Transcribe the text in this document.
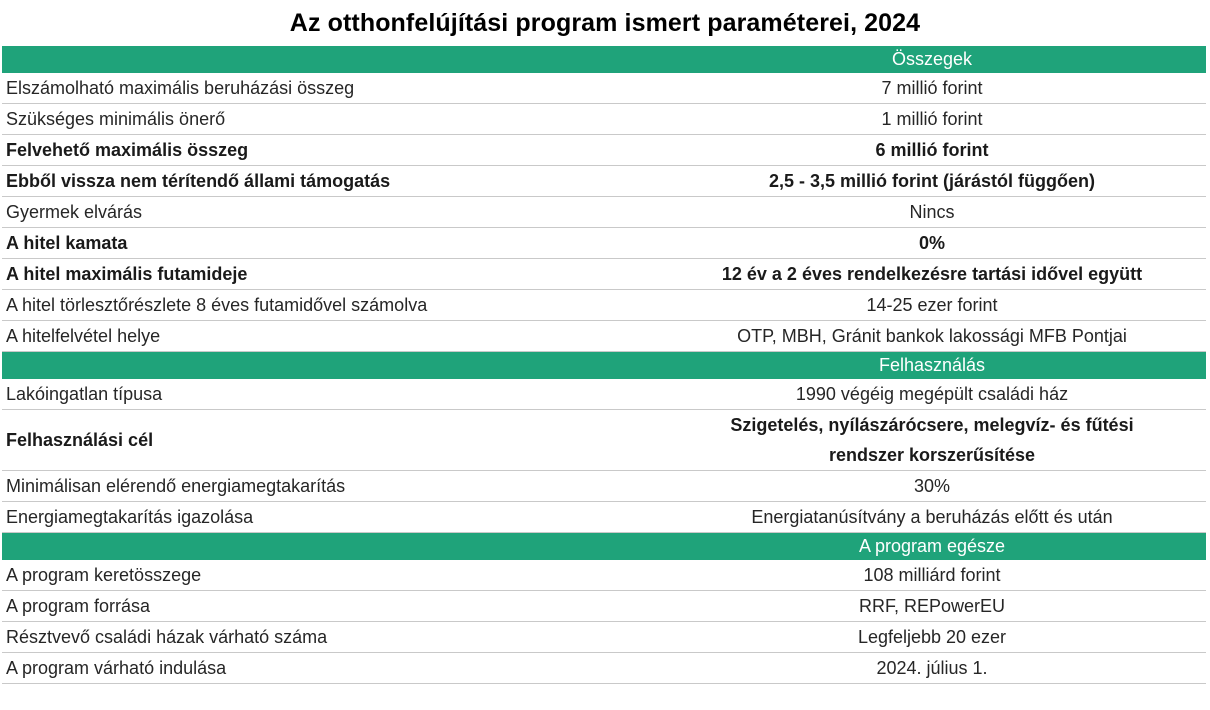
Az otthonfelújítási program ismert paraméterei, 2024
	Összegek
Elszámolható maximális beruházási összeg	7 millió forint
Szükséges minimális önerő	1 millió forint
Felvehető maximális összeg	6 millió forint
Ebből vissza nem térítendő állami támogatás	2,5 - 3,5 millió forint (járástól függően)
Gyermek elvárás	Nincs
A hitel kamata	0%
A hitel maximális futamideje	12 év a 2 éves rendelkezésre tartási idővel együtt
A hitel törlesztőrészlete 8 éves futamidővel számolva	14-25 ezer forint
A hitelfelvétel helye	OTP, MBH, Gránit bankok lakossági MFB Pontjai
	Felhasználás
Lakóingatlan típusa	1990 végéig megépült családi ház
Felhasználási cél	Szigetelés, nyílászárócsere, melegvíz- és fűtési
rendszer korszerűsítése

Minimálisan elérendő energiamegtakarítás	30%
Energiamegtakarítás igazolása	Energiatanúsítvány a beruházás előtt és után
	A program egésze
A program keretösszege	108 milliárd forint
A program forrása	RRF, REPowerEU
Résztvevő családi házak várható száma	Legfeljebb 20 ezer
A program várható indulása	2024. július 1.
